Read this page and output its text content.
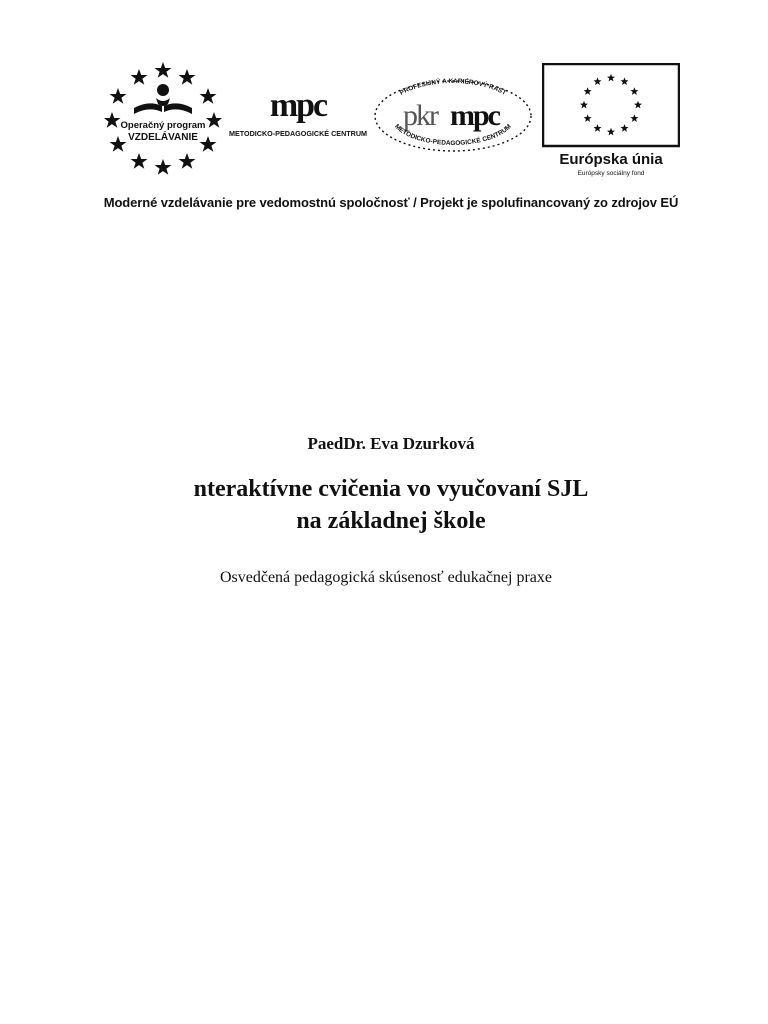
Operačný program
VZDELÁVANIE
mpc
METODICKO-PEDAGOGICKÉ CENTRUM
PROFESIJNÝ A KARIÉROVÝ RAST
pkr mpc
METODICKO-PEDAGOGICKÉ CENTRUM
Európska únia
Európsky sociálny fond
Moderné vzdelávanie pre vedomostnú spoločnosť / Projekt je spolufinancovaný zo zdrojov EÚ
PaedDr. Eva Dzurková
nteraktívne cvičenia vo vyučovaní SJL
na základnej škole
Osvedčená pedagogická skúsenosť edukačnej praxe
